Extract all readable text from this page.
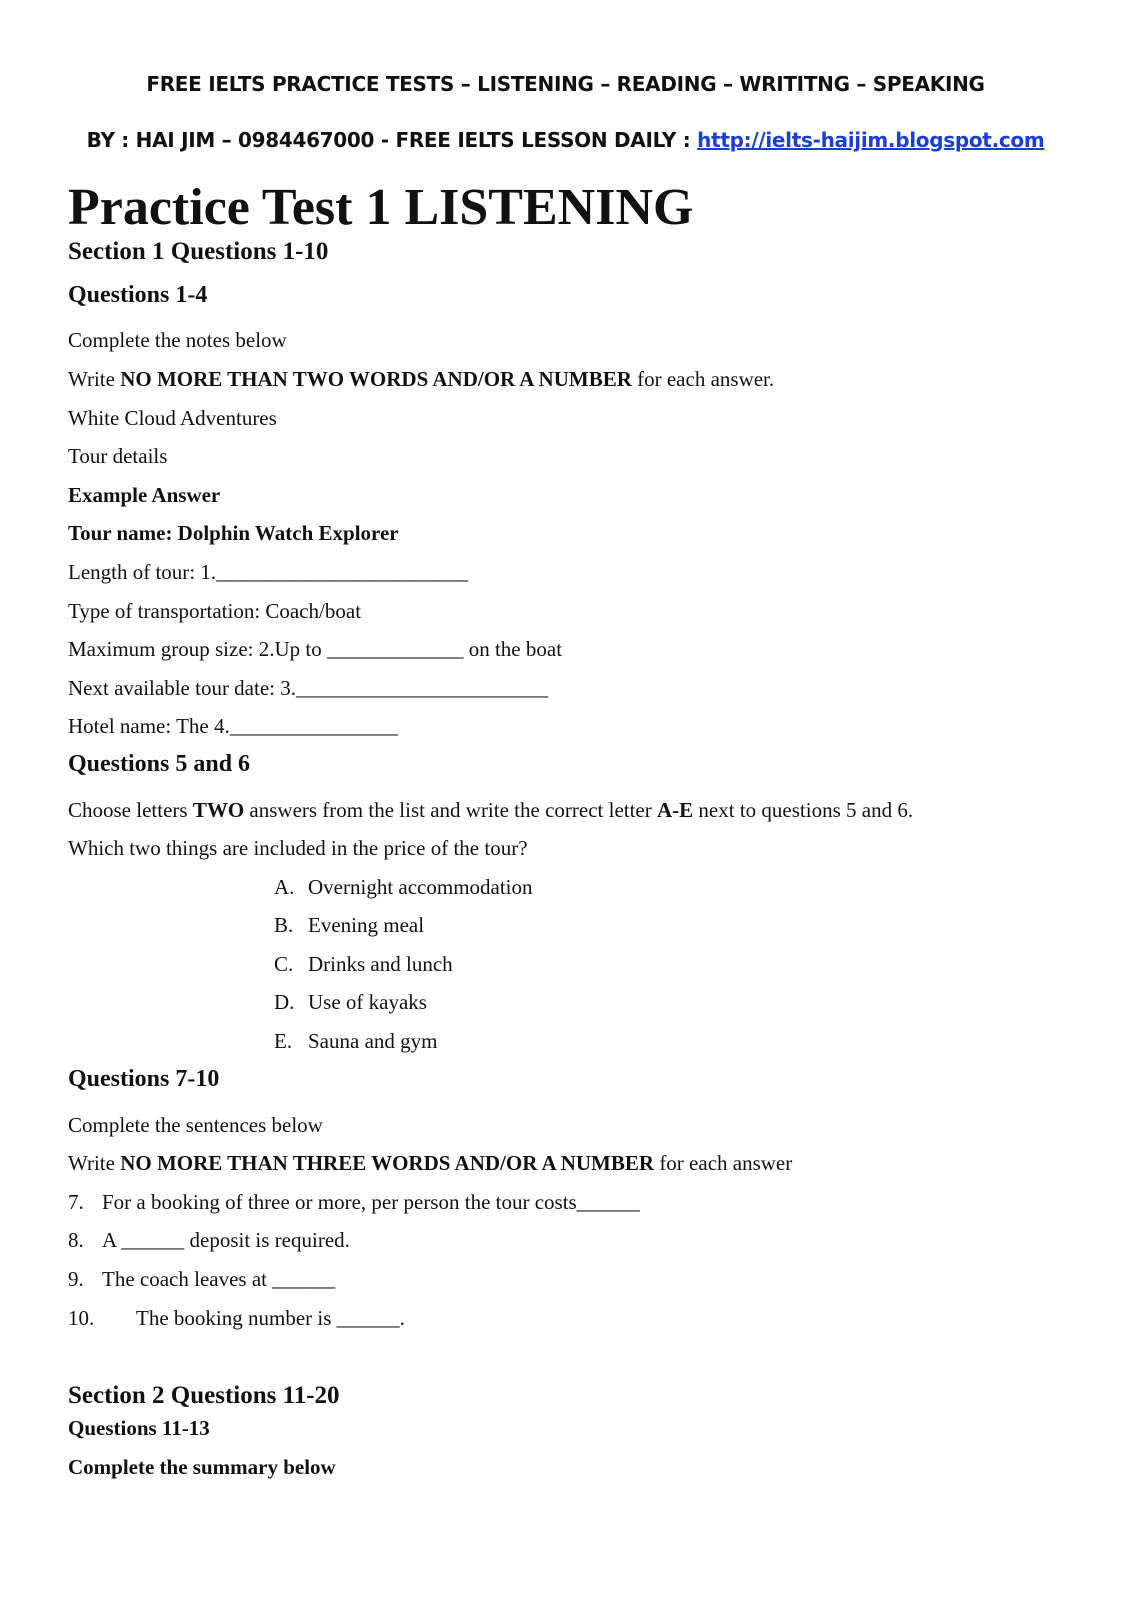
FREE IELTS PRACTICE TESTS – LISTENING – READING – WRITITNG – SPEAKING
BY : HAI JIM – 0984467000 - FREE IELTS LESSON DAILY : http://ielts-haijim.blogspot.com
Practice Test 1 LISTENING
Section 1 Questions 1-10
Questions 1-4
Complete the notes below
Write NO MORE THAN TWO WORDS AND/OR A NUMBER for each answer.
White Cloud Adventures
Tour details
Example Answer
Tour name: Dolphin Watch Explorer
Length of tour: 1.________________________
Type of transportation: Coach/boat
Maximum group size: 2.Up to _____________ on the boat
Next available tour date: 3.________________________
Hotel name: The 4.________________
Questions 5 and 6
Choose letters TWO answers from the list and write the correct letter A-E next to questions 5 and 6.
Which two things are included in the price of the tour?
A. Overnight accommodation
B. Evening meal
C. Drinks and lunch
D. Use of kayaks
E. Sauna and gym
Questions 7-10
Complete the sentences below
Write NO MORE THAN THREE WORDS AND/OR A NUMBER for each answer
7. For a booking of three or more, per person the tour costs______
8. A ______ deposit is required.
9. The coach leaves at ______
10. The booking number is ______.
Section 2 Questions 11-20
Questions 11-13
Complete the summary below
